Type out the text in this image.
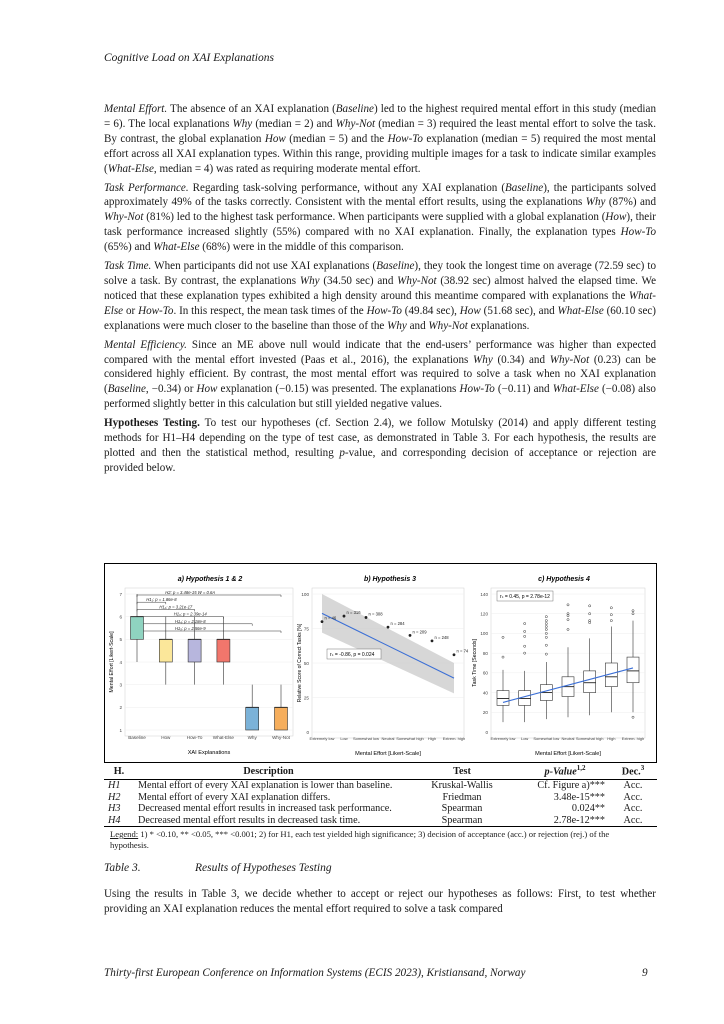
Cognitive Load on XAI Explanations

Mental Effort. The absence of an XAI explanation (Baseline) led to the highest required mental effort in this study (median = 6). The local explanations Why (median = 2) and Why-Not (median = 3) required the least mental effort to solve the task. By contrast, the global explanation How (median = 5) and the How-To explanation (median = 5) required the most mental effort across all XAI explanation types. Within this range, providing multiple images for a task to indicate similar examples (What-Else, median = 4) was rated as requiring moderate mental effort.

Task Performance. Regarding task-solving performance, without any XAI explanation (Baseline), the participants solved approximately 49% of the tasks correctly. Consistent with the mental effort results, using the explanations Why (87%) and Why-Not (81%) led to the highest task performance. When participants were supplied with a global explanation (How), their task performance increased slightly (55%) compared with no XAI explanation. Finally, the explanation types How-To (65%) and What-Else (68%) were in the middle of this comparison.

Task Time. When participants did not use XAI explanations (Baseline), they took the longest time on average (72.59 sec) to solve a task. By contrast, the explanations Why (34.50 sec) and Why-Not (38.92 sec) almost halved the elapsed time. We noticed that these explanation types exhibited a high density around this meantime compared with explanations the What-Else or How-To. In this respect, the mean task times of the How-To (49.84 sec), How (51.68 sec), and What-Else (60.10 sec) explanations were much closer to the baseline than those of the Why and Why-Not explanations.

Mental Efficiency. Since an ME above null would indicate that the end-users’ performance was higher than expected compared with the mental effort invested (Paas et al., 2016), the explanations Why (0.34) and Why-Not (0.23) can be considered highly efficient. By contrast, the most mental effort was required to solve a task when no XAI explanation (Baseline, −0.34) or How explanation (−0.15) was presented. The explanations How-To (−0.11) and What-Else (−0.08) also performed slightly better in this calculation but still yielded negative values.

Hypotheses Testing. To test our hypotheses (cf. Section 2.4), we follow Motulsky (2014) and apply different testing methods for H1–H4 depending on the type of test case, as demonstrated in Table 3. For each hypothesis, the results are plotted and then the statistical method, resulting p-value, and corresponding decision of acceptance or rejection are provided below.

a) Hypothesis 1 & 2	b) Hypothesis 3	c) Hypothesis 4
Mental Effort [Likert-Scale]
XAI Explanations
H2: p = 3.48e-15 W = 0.6A
H1₁: p = 1.86e-8
H1₂: p = 3.21e-17
H1₃: p = 2.39e-14
H1₄: p = 2.18e-8
H1₅: p = 2.56e-9
1
2
3
4
5
6
7
Baseline	How	How-To What-Else	Why	Why-Not
Relative Score of Correct Tasks [%]
Mental Effort [Likert-Scale]
n = 46
n = 316 n = 308
n = 284
n = 209
n = 248
n = 74
rₛ = -0.86, p = 0.024
0
25
50
75
100
Extremely low Low Somewhat low Neutral Somewhat high High Extrem. high
Task Time [Seconds]
Mental Effort [Likert-Scale]
rₛ = 0.45, p = 2.78e-12
0
20
40
60
80
100
120
140
Extremely low Low Somewhat low Neutral Somewhat high High Extrem. high
H.	Description	Test	p-Value$^{1,2}$	Dec.$^3$
H1	Mental effort of every XAI explanation is lower than baseline.	Kruskal-Wallis	Cf. Figure a)***	Acc.
H2	Mental effort of every XAI explanation differs.	Friedman	3.48e-15***	Acc.
H3	Decreased mental effort results in increased task performance.	Spearman	0.024**	Acc.
H4	Decreased mental effort results in decreased task time.	Spearman	2.78e-12***	Acc.
Legend: 1) * <0.10, ** <0.05, *** <0.001; 2) for H1, each test yielded high significance; 3) decision of acceptance (acc.) or rejection (rej.) of the hypothesis.
Table 3.	Results of Hypotheses Testing
Using the results in Table 3, we decide whether to accept or reject our hypotheses as follows: First, to test whether providing an XAI explanation reduces the mental effort required to solve a task compared
Thirty-first European Conference on Information Systems (ECIS 2023), Kristiansand, Norway	9
